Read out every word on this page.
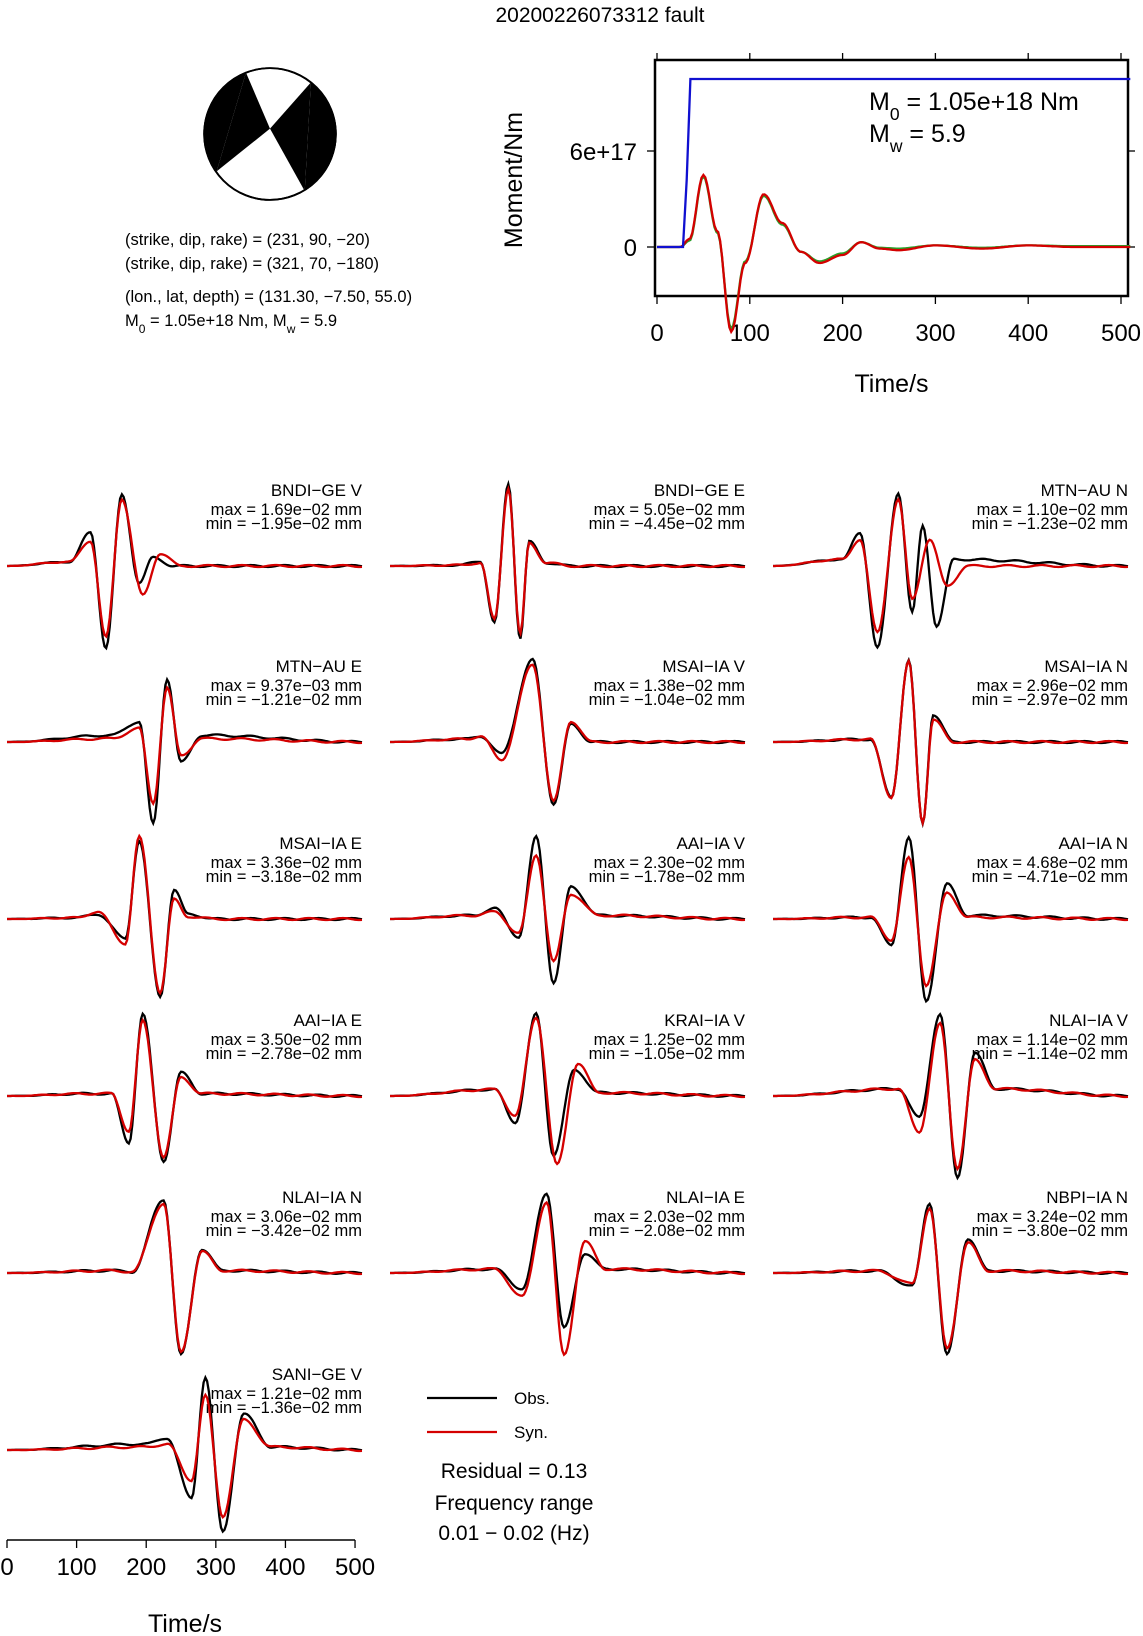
20200226073312 fault
(strike, dip, rake) = (231, 90, −20)
(strike, dip, rake) = (321, 70, −180)
(lon., lat, depth) = (131.30, −7.50, 55.0)
$M_0 = 1.05e+18$ Nm, $M_w = 5.9$	0	100 200 300 400 500
0
6e+17
Time/s
Moment/Nm
$M_0 = 1.05e+18$ Nm
$M_w = 5.9$
BNDI−GE V
max = 1.69e−02 mm
min = −1.95e−02 mm
BNDI−GE E
max = 5.05e−02 mm
min = −4.45e−02 mm
MTN−AU N
max = 1.10e−02 mm
min = −1.23e−02 mm
MTN−AU E
max = 9.37e−03 mm
min = −1.21e−02 mm
MSAI−IA V
max = 1.38e−02 mm
min = −1.04e−02 mm
MSAI−IA N
max = 2.96e−02 mm
min = −2.97e−02 mm
MSAI−IA E
max = 3.36e−02 mm
min = −3.18e−02 mm
AAI−IA V
max = 2.30e−02 mm
min = −1.78e−02 mm
AAI−IA N
max = 4.68e−02 mm
min = −4.71e−02 mm
AAI−IA E
max = 3.50e−02 mm
min = −2.78e−02 mm
KRAI−IA V
max = 1.25e−02 mm
min = −1.05e−02 mm
NLAI−IA V
max = 1.14e−02 mm
min = −1.14e−02 mm
NLAI−IA N
max = 3.06e−02 mm
min = −3.42e−02 mm
NLAI−IA E
max = 2.03e−02 mm
min = −2.08e−02 mm
NBPI−IA N
max = 3.24e−02 mm
min = −3.80e−02 mm
SANI−GE V
max = 1.21e−02 mm
min = −1.36e−02 mm
0 100 200 300 400 500
Time/s
Obs.
Syn.
Residual = 0.13
Frequency range
0.01 − 0.02 (Hz)
